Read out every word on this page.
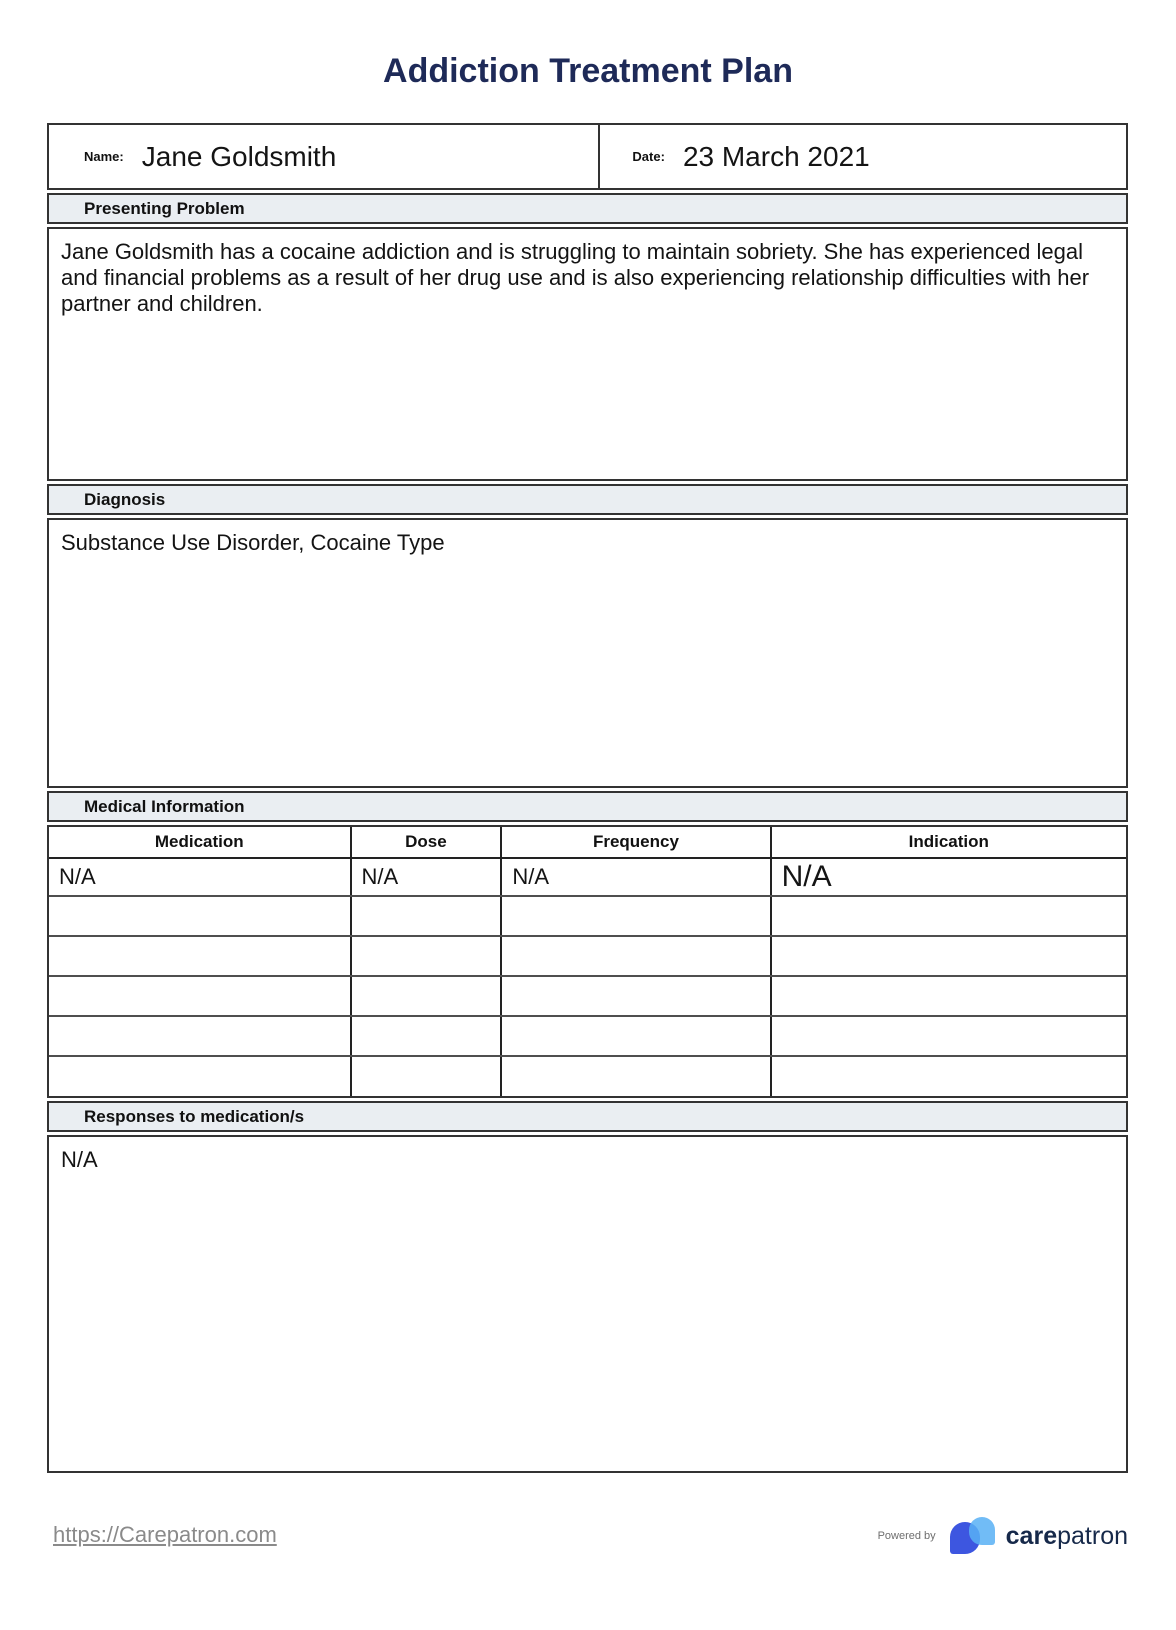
Addiction Treatment Plan
Name: Jane Goldsmith	Date: 23 March 2021
Presenting Problem
Jane Goldsmith has a cocaine addiction and is struggling to maintain sobriety. She has experienced legal and financial problems as a result of her drug use and is also experiencing relationship difficulties with her partner and children.
Diagnosis
Substance Use Disorder, Cocaine Type
Medical Information
Medication	Dose	Frequency	Indication
N/A	N/A	N/A	N/A

Responses to medication/s
N/A
https://Carepatron.com	Powered by	carepatron
